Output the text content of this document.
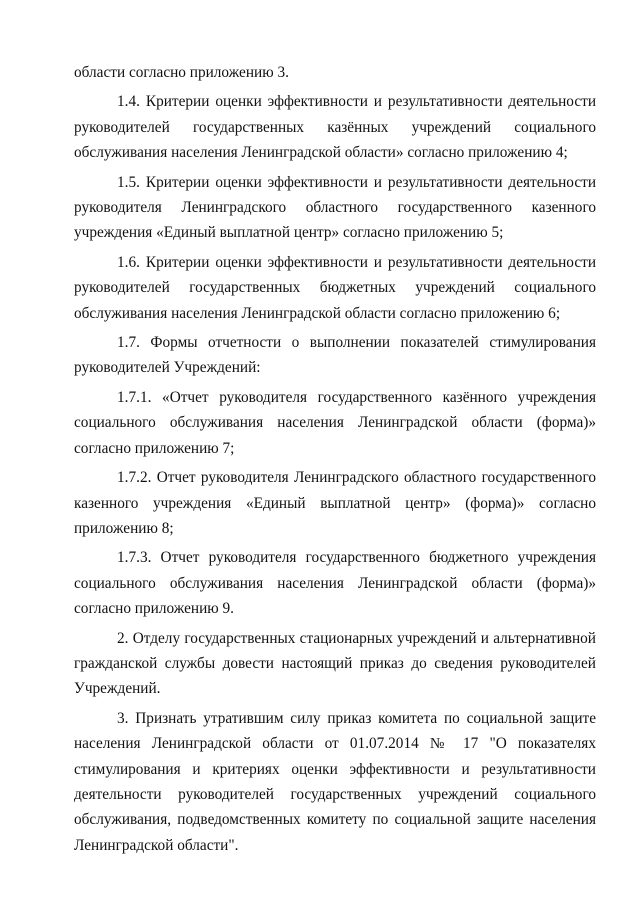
области согласно приложению 3.

1.4. Критерии оценки эффективности и результативности деятельности руководителей государственных казённых учреждений социального обслуживания населения Ленинградской области» согласно приложению 4;

1.5. Критерии оценки эффективности и результативности деятельности руководителя Ленинградского областного государственного казенного учреждения «Единый выплатной центр» согласно приложению 5;

1.6. Критерии оценки эффективности и результативности деятельности руководителей государственных бюджетных учреждений социального обслуживания населения Ленинградской области согласно приложению 6;

1.7. Формы отчетности о выполнении показателей стимулирования руководителей Учреждений:

1.7.1. «Отчет руководителя государственного казённого учреждения социального обслуживания населения Ленинградской области (форма)» согласно приложению 7;

1.7.2. Отчет руководителя Ленинградского областного государственного казенного учреждения «Единый выплатной центр» (форма)» согласно приложению 8;

1.7.3. Отчет руководителя государственного бюджетного учреждения социального обслуживания населения Ленинградской области (форма)» согласно приложению 9.

2. Отделу государственных стационарных учреждений и альтернативной гражданской службы довести настоящий приказ до сведения руководителей Учреждений.

3. Признать утратившим силу приказ комитета по социальной защите населения Ленинградской области от 01.07.2014 № 17 "О показателях стимулирования и критериях оценки эффективности и результативности деятельности руководителей государственных учреждений социального обслуживания, подведомственных комитету по социальной защите населения Ленинградской области".
